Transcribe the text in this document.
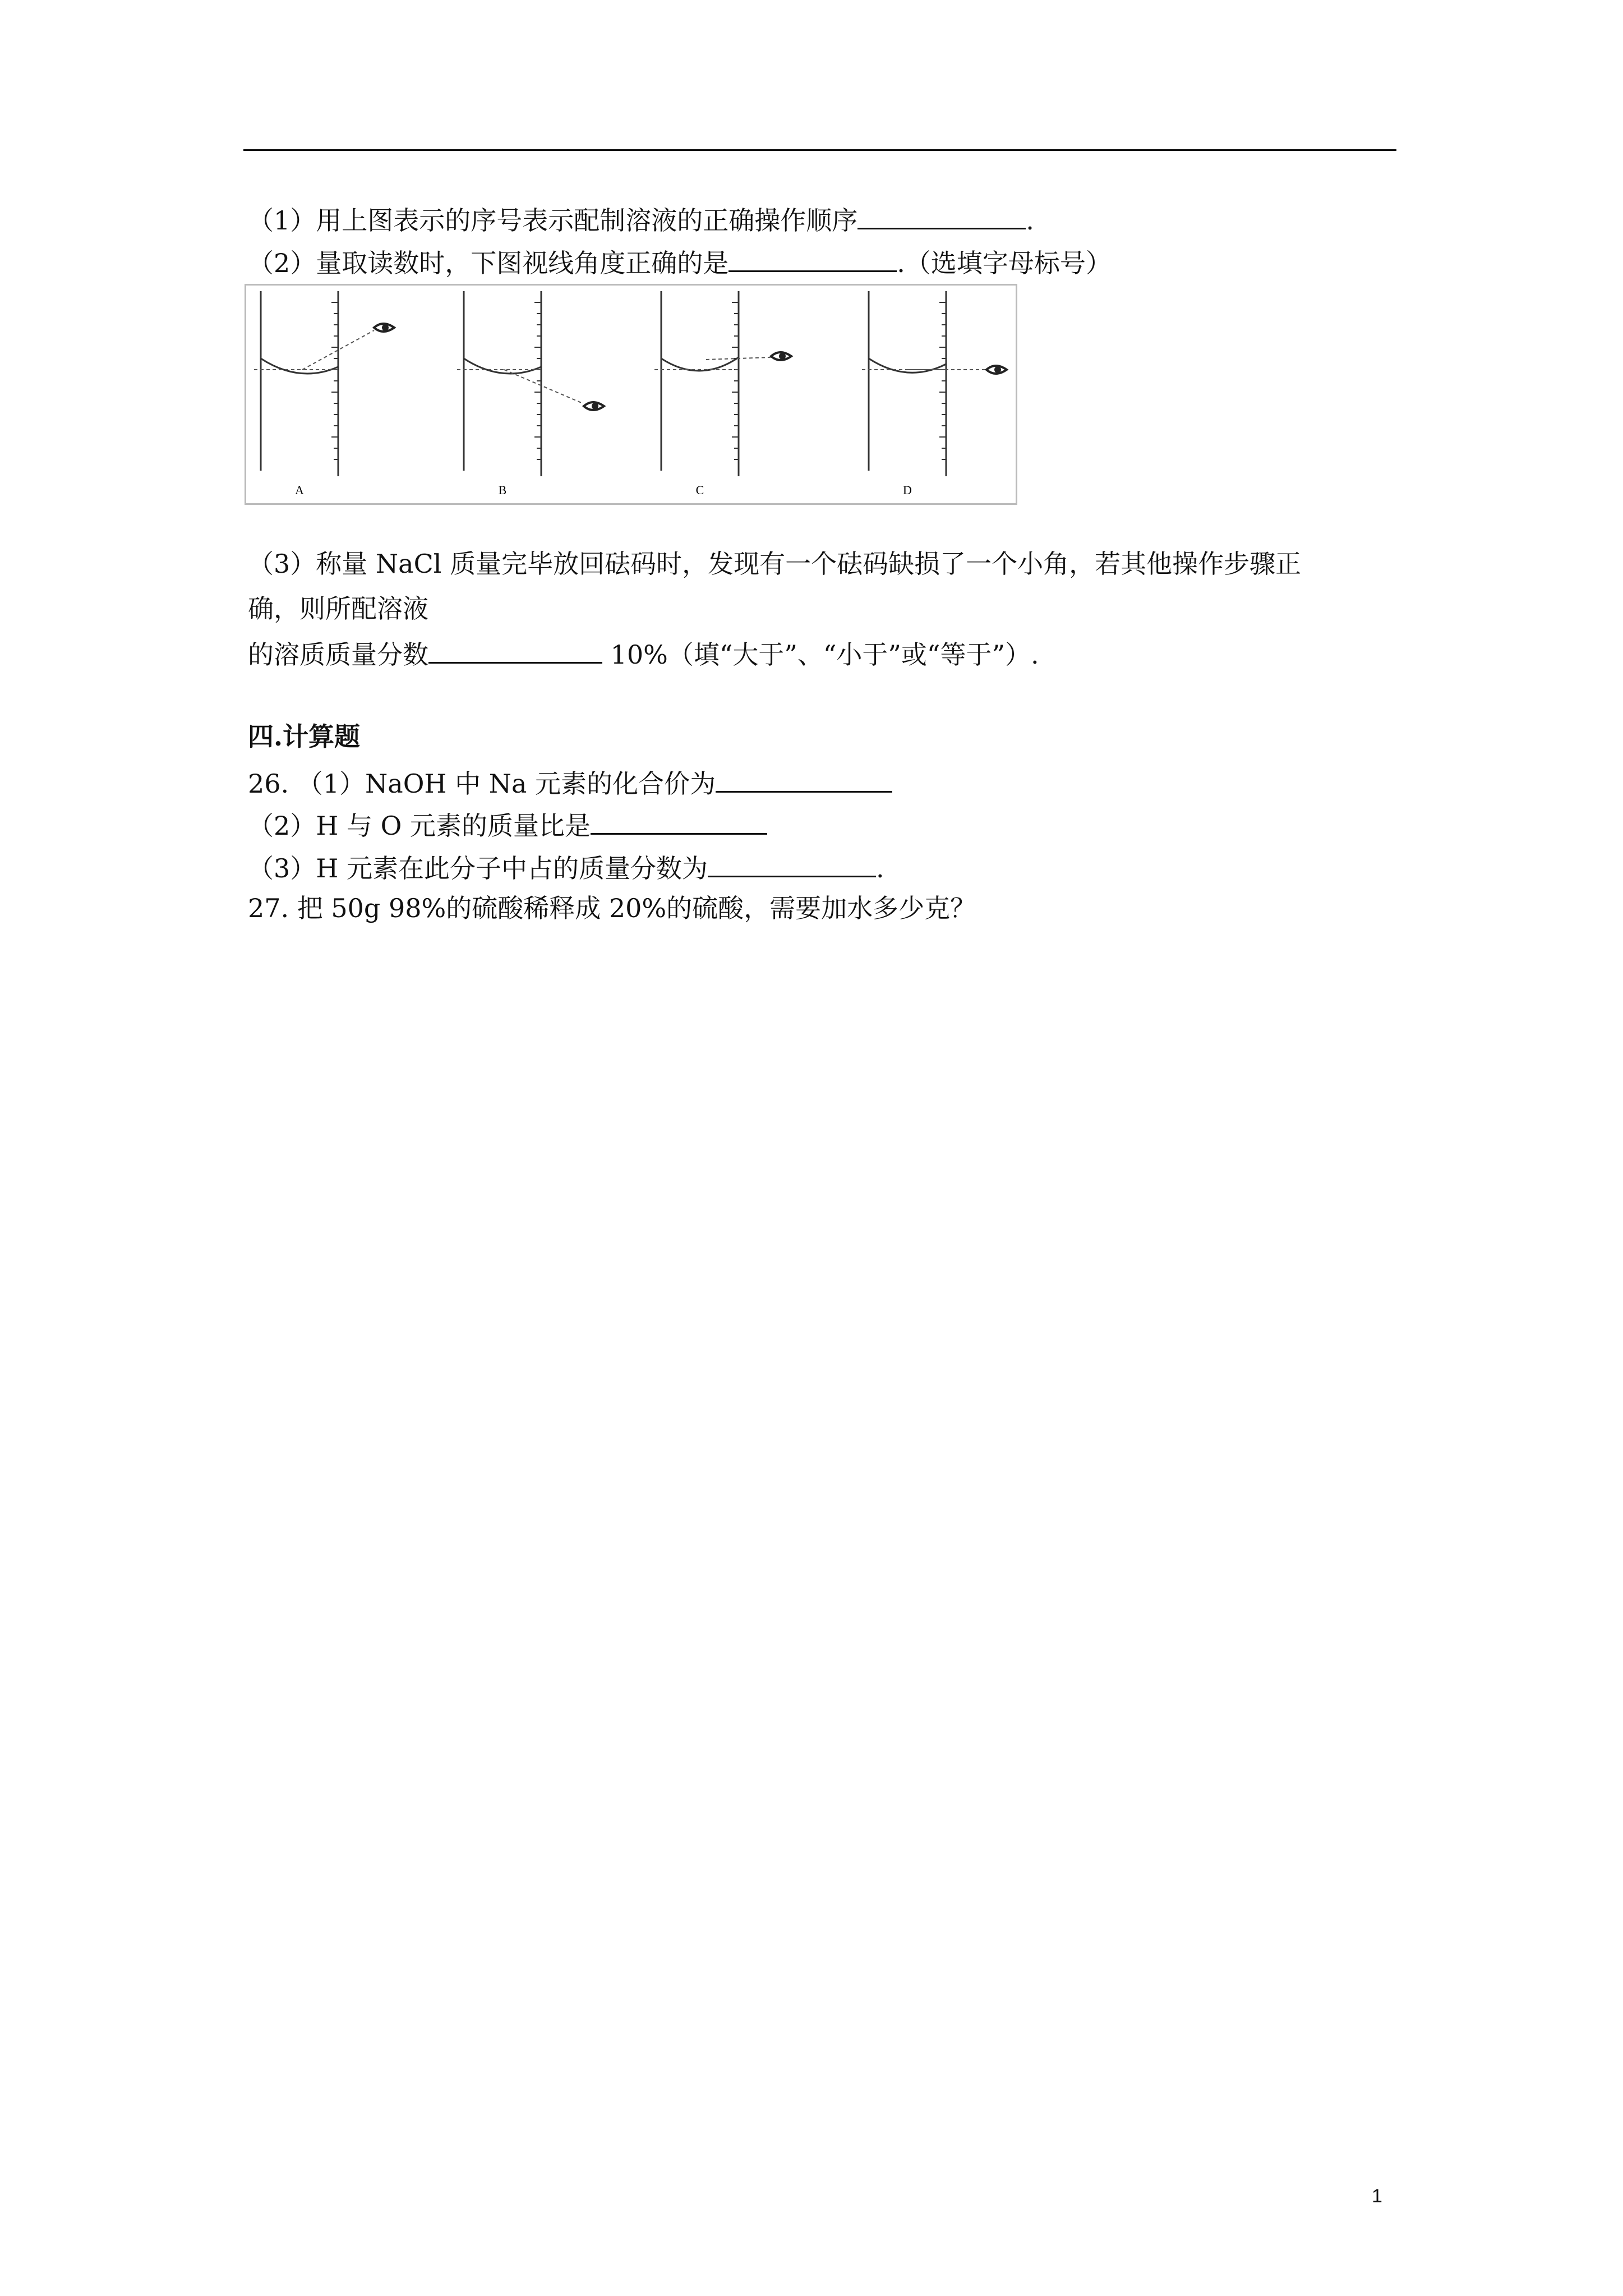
（1）用上图表示的序号表示配制溶液的正确操作顺序	.
（2）量取读数时，下图视线角度正确的是	.（选填字母标号）
A	B	C	D
（3）称量 NaCl 质量完毕放回砝码时，发现有一个砝码缺损了一个小角，若其他操作步骤正
确，则所配溶液
的溶质质量分数	10%（填“大于”、“小于”或“等于”）.
四.计算题
26. （1）NaOH 中 Na 元素的化合价为
（2）H 与 O 元素的质量比是
（3）H 元素在此分子中占的质量分数为	.
27. 把 50g 98%的硫酸稀释成 20%的硫酸，需要加水多少克？
1
